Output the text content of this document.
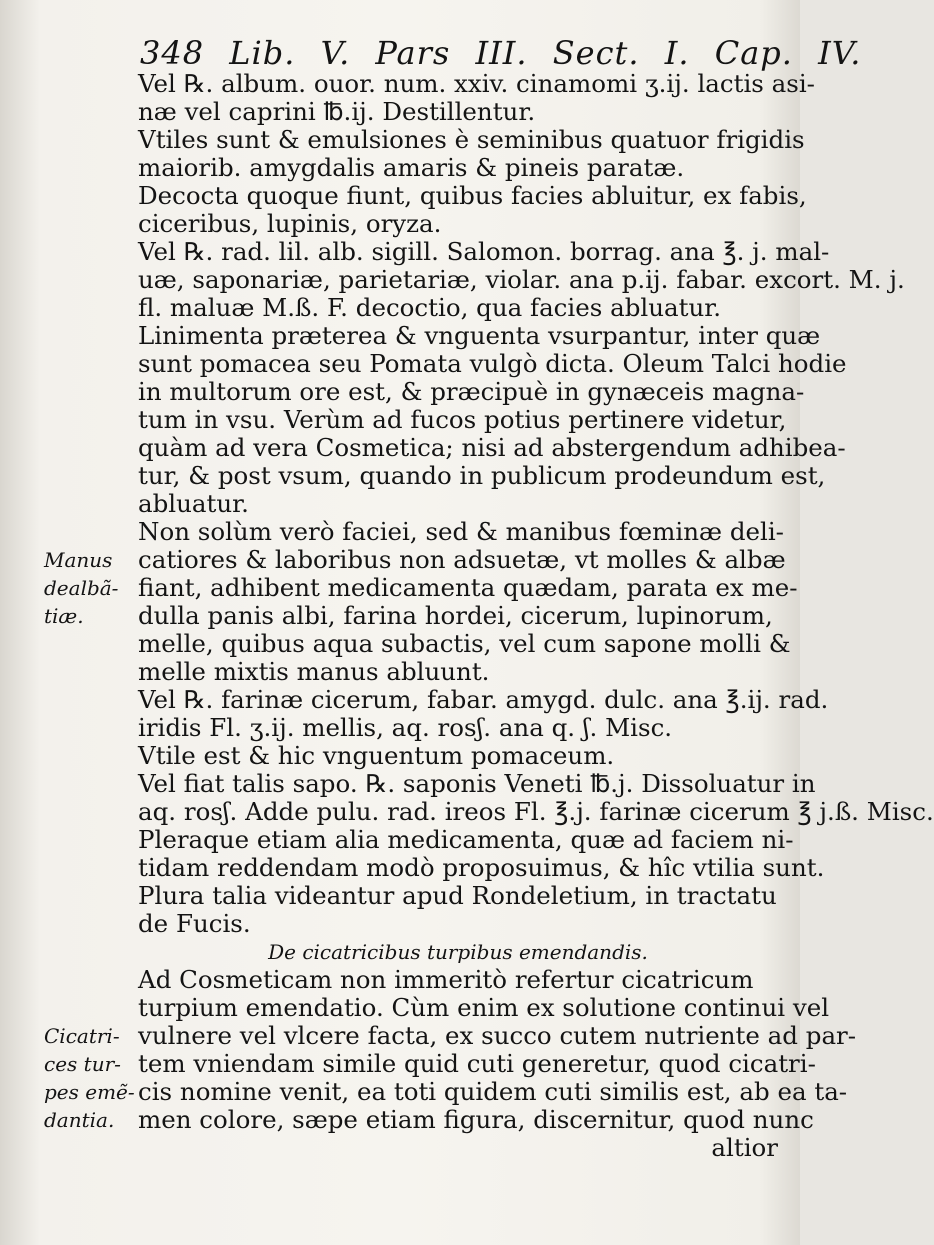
348 Lib. V. Pars III. Sect. I. Cap. IV.
Vel ℞. album. ouor. num. xxiv. cinamomi ʒ.ij. lactis asi-
næ vel caprini ℔.ij. Destillentur.
Vtiles sunt & emulsiones è seminibus quatuor frigidis
maiorib. amygdalis amaris & pineis paratæ.
Decocta quoque fiunt, quibus facies abluitur, ex fabis,
ciceribus, lupinis, oryza.
Vel ℞. rad. lil. alb. sigill. Salomon. borrag. ana ℥. j. mal-
uæ, saponariæ, parietariæ, violar. ana p.ij. fabar. excort. M. j.
fl. maluæ M.ß. F. decoctio, qua facies abluatur.
Linimenta præterea & vnguenta vsurpantur, inter quæ
sunt pomacea seu Pomata vulgò dicta. Oleum Talci hodie
in multorum ore est, & præcipuè in gynæceis magna-
tum in vsu. Verùm ad fucos potius pertinere videtur,
quàm ad vera Cosmetica; nisi ad abstergendum adhibea-
tur, & post vsum, quando in publicum prodeundum est,
abluatur.
Non solùm verò faciei, sed & manibus fœminæ deli-
catiores & laboribus non adsuetæ, vt molles & albæ
fiant, adhibent medicamenta quædam, parata ex me-
dulla panis albi, farina hordei, cicerum, lupinorum,
melle, quibus aqua subactis, vel cum sapone molli &
melle mixtis manus abluunt.
Vel ℞. farinæ cicerum, fabar. amygd. dulc. ana ℥.ij. rad.
iridis Fl. ʒ.ij. mellis, aq. rosʃ. ana q. ʃ. Misc.
Vtile est & hic vnguentum pomaceum.
Vel fiat talis sapo. ℞. saponis Veneti ℔.j. Dissoluatur in
aq. rosʃ. Adde pulu. rad. ireos Fl. ℥.j. farinæ cicerum ℥ j.ß. Misc.
Pleraque etiam alia medicamenta, quæ ad faciem ni-
tidam reddendam modò proposuimus, & hîc vtilia sunt.
Plura talia videantur apud Rondeletium, in tractatu
de Fucis.
De cicatricibus turpibus emendandis.
Ad Cosmeticam non immeritò refertur cicatricum
turpium emendatio. Cùm enim ex solutione continui vel
vulnere vel vlcere facta, ex succo cutem nutriente ad par-
tem vniendam simile quid cuti generetur, quod cicatri-
cis nomine venit, ea toti quidem cuti similis est, ab ea ta-
men colore, sæpe etiam figura, discernitur, quod nunc
altior
Manus
dealbã-
tiæ.
Cicatri-
ces tur-
pes emẽ-
dantia.
